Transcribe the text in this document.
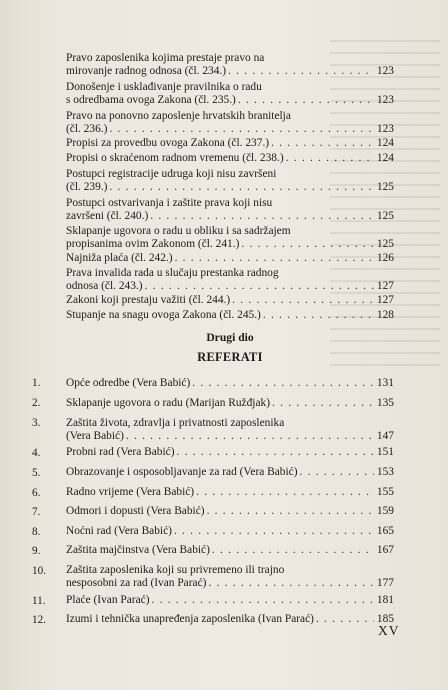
Pravo zaposlenika kojima prestaje pravo na
mirovanje radnog odnosa (čl. 234.) . . .	123
Donošenje i usklađivanje pravilnika o radu
s odredbama ovoga Zakona (čl. 235.) . . .	123
Pravo na ponovno zaposlenje hrvatskih branitelja
(čl. 236.) . . .	123
Propisi za provedbu ovoga Zakona (čl. 237.) . . .	124
Propisi o skraćenom radnom vremenu (čl. 238.) . . .	124
Postupci registracije udruga koji nisu završeni
(čl. 239.) . . .	125
Postupci ostvarivanja i zaštite prava koji nisu
završeni (čl. 240.) . . .	125
Sklapanje ugovora o radu u obliku i sa sadržajem
propisanima ovim Zakonom (čl. 241.) . . .	125
Najniža plaća (čl. 242.) . . .	126
Prava invalida rada u slučaju prestanka radnog
odnosa (čl. 243.) . . .	127
Zakoni koji prestaju važiti (čl. 244.) . . .	127
Stupanje na snagu ovoga Zakona (čl. 245.) . . .	128
Drugi dio
REFERATI
1.	Opće odredbe (Vera Babić) . . .	131
2.	Sklapanje ugovora o radu (Marijan Ružđjak) . . .	135
3.	Zaštita života, zdravlja i privatnosti zaposlenika
(Vera Babić) . . .	147
4.	Probni rad (Vera Babić) . . .	151
5.	Obrazovanje i osposobljavanje za rad (Vera Babić) . . .	153
6.	Radno vrijeme (Vera Babić) . . .	155
7.	Odmori i dopusti (Vera Babić) . . .	159
8.	Noćni rad (Vera Babić) . . .	165
9.	Zaštita majčinstva (Vera Babić) . . .	167
10.	Zaštita zaposlenika koji su privremeno ili trajno
nesposobni za rad (Ivan Parać) . . .	177
11.	Plaće (Ivan Parać) . . .	181
12.	Izumi i tehnička unapređenja zaposlenika (Ivan Parać) . . .	185
XV
